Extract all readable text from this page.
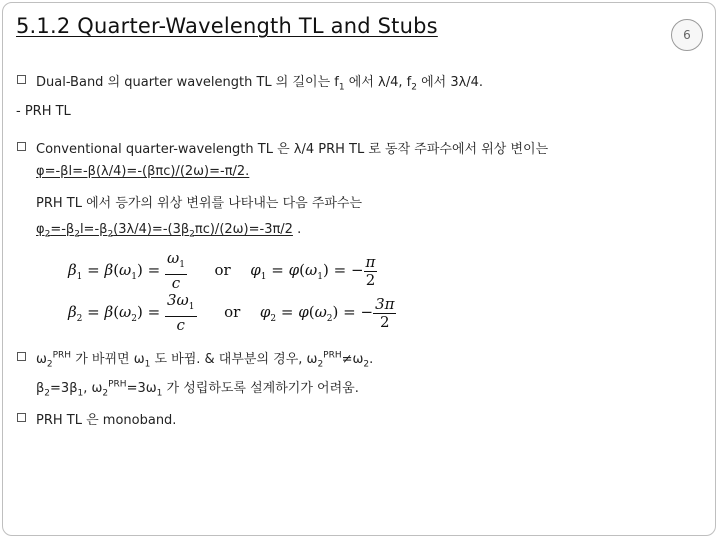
5.1.2 Quarter-Wavelength TL and Stubs	6
Dual-Band 의 quarter wavelength TL 의 길이는 $f_1$ 에서 λ/4, $f_2$ 에서 3λ/4.
- PRH TL
Conventional quarter-wavelength TL 은 λ/4 PRH TL 로 동작 주파수에서 위상 변이는
φ=-βl=-β(λ/4)=-(βπc)/(2ω)=-π/2.
PRH TL 에서 등가의 위상 변위를 나타내는 다음 주파수는
$\varphi_2=-\beta_2l=-\beta_2(3\lambda/4)=-(3\beta_2\pi c)/(2\omega)=-3\pi/2$ .
$\beta_1 = \beta(\omega_1) = \frac{\omega_1}{c}$ or $\varphi_1 = \varphi(\omega_1)$ = − $\frac{\pi}{2}$
$\beta_2 = \beta(\omega_2) = \frac{3\omega_1}{c}$ or $\varphi_2 = \varphi(\omega_2)$ = − $\frac{3\pi}{2}$
$\omega_2^{PRH}$ 가 바뀌면 $\omega_1$ 도 바뀜. & 대부분의 경우, $\omega_2^{PRH}\ne\omega_2$.
$\beta_2=3\beta_1$, $\omega_2^{PRH}=3\omega_1$ 가 성립하도록 설계하기가 어려움.
PRH TL 은 monoband.
